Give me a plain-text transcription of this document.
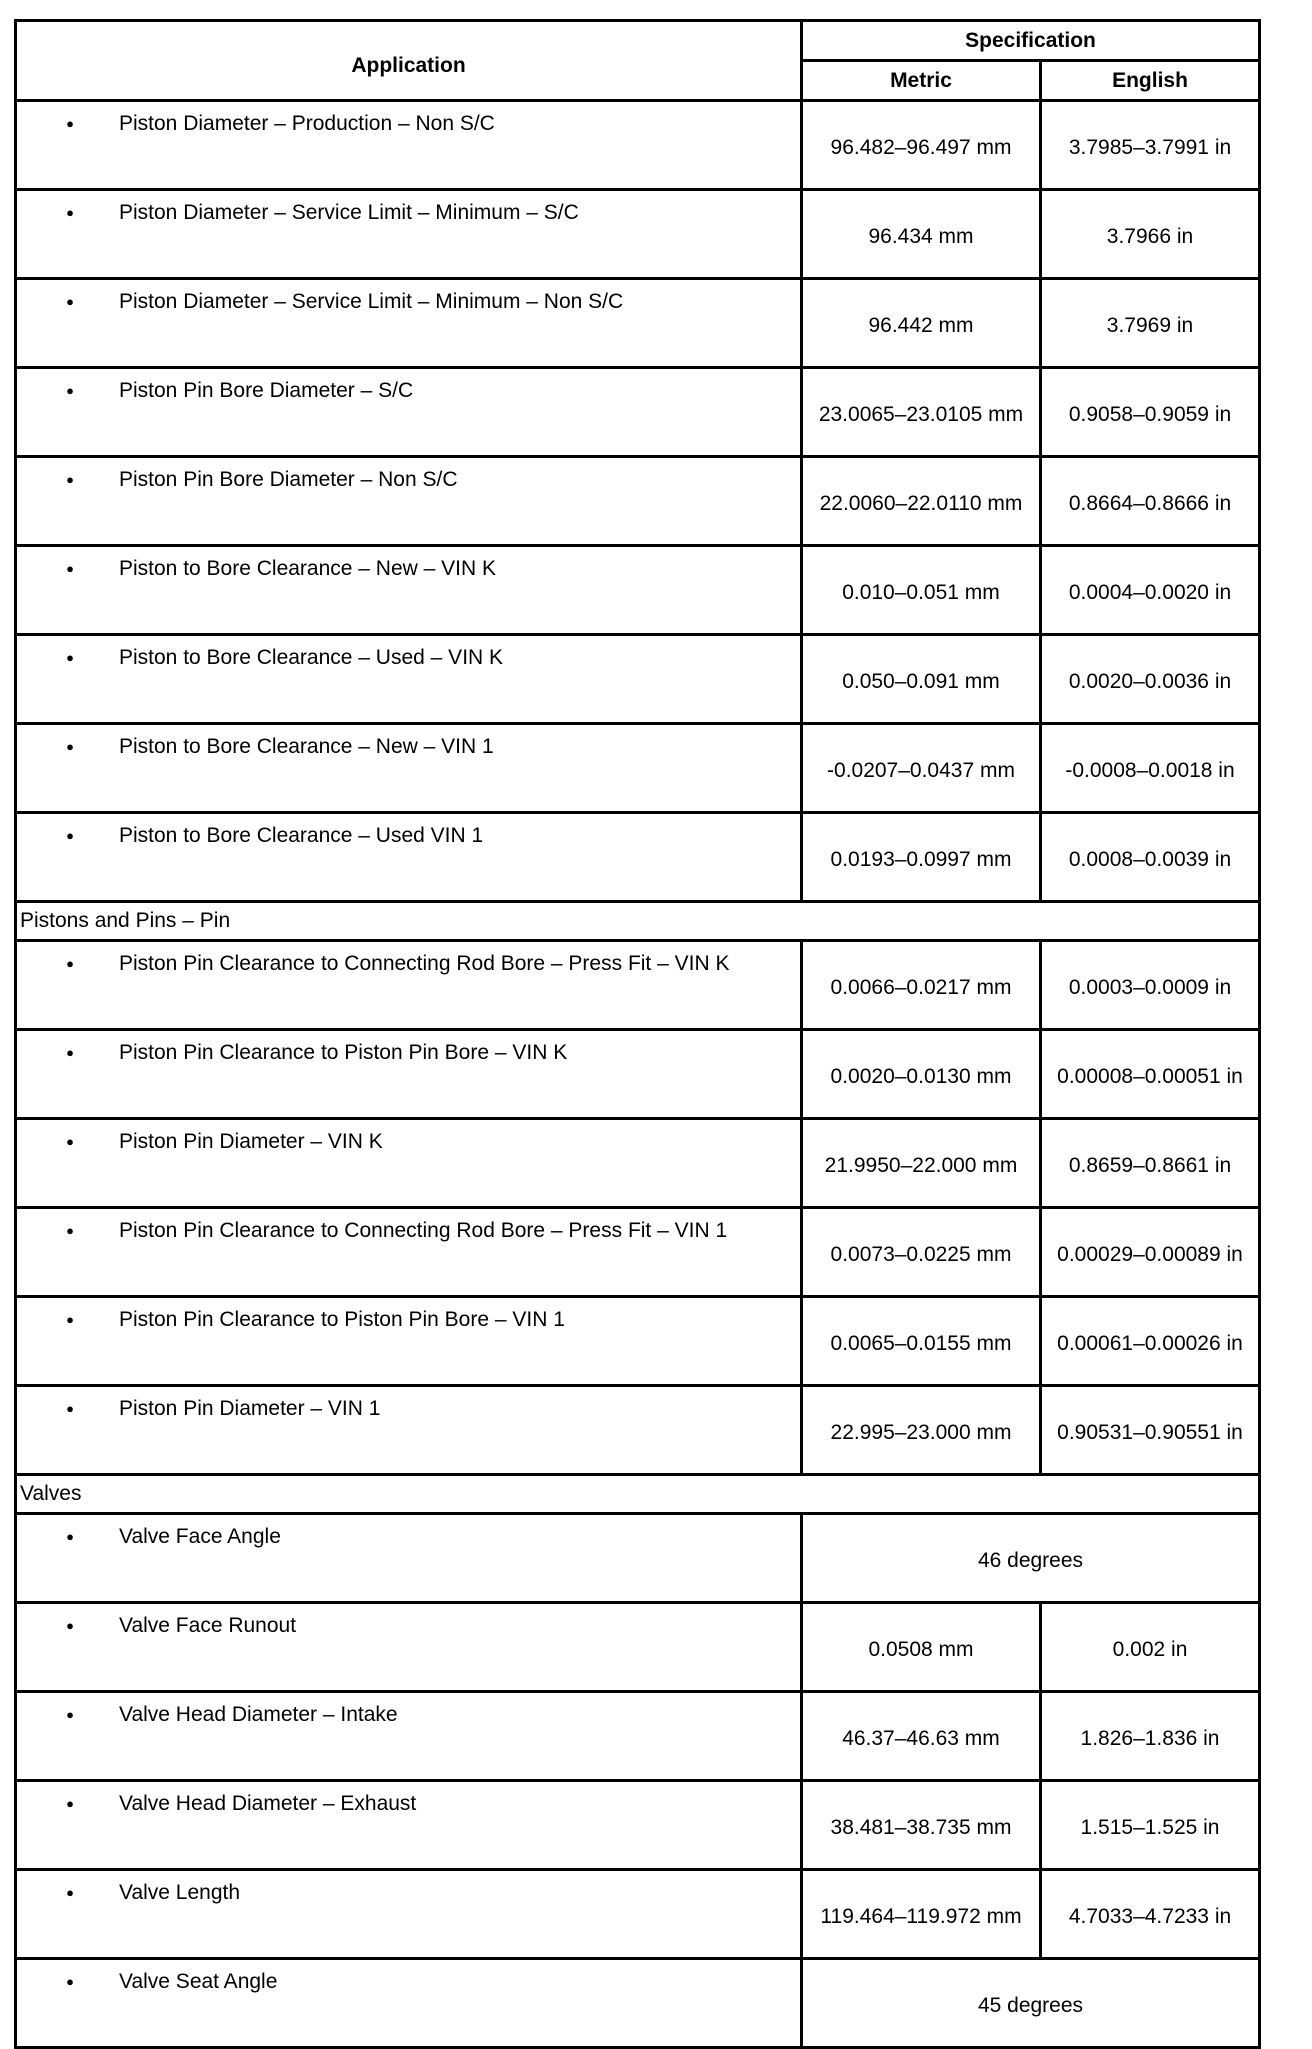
Application	Specification	
	Metric	English
● Piston Diameter – Production – Non S/C	96.482–96.497 mm	3.7985–3.7991 in
● Piston Diameter – Service Limit – Minimum – S/C	96.434 mm	3.7966 in
● Piston Diameter – Service Limit – Minimum – Non S/C	96.442 mm	3.7969 in
● Piston Pin Bore Diameter – S/C	23.0065–23.0105 mm	0.9058–0.9059 in
● Piston Pin Bore Diameter – Non S/C	22.0060–22.0110 mm	0.8664–0.8666 in
● Piston to Bore Clearance – New – VIN K	0.010–0.051 mm	0.0004–0.0020 in
● Piston to Bore Clearance – Used – VIN K	0.050–0.091 mm	0.0020–0.0036 in
● Piston to Bore Clearance – New – VIN 1	-0.0207–0.0437 mm	-0.0008–0.0018 in
● Piston to Bore Clearance – Used VIN 1	0.0193–0.0997 mm	0.0008–0.0039 in
Pistons and Pins – Pin		
● Piston Pin Clearance to Connecting Rod Bore – Press Fit – VIN K	0.0066–0.0217 mm	0.0003–0.0009 in
● Piston Pin Clearance to Piston Pin Bore – VIN K	0.0020–0.0130 mm	0.00008–0.00051 in
● Piston Pin Diameter – VIN K	21.9950–22.000 mm	0.8659–0.8661 in
● Piston Pin Clearance to Connecting Rod Bore – Press Fit – VIN 1	0.0073–0.0225 mm	0.00029–0.00089 in
● Piston Pin Clearance to Piston Pin Bore – VIN 1	0.0065–0.0155 mm	0.00061–0.00026 in
● Piston Pin Diameter – VIN 1	22.995–23.000 mm	0.90531–0.90551 in
Valves		
● Valve Face Angle	46 degrees	
● Valve Face Runout	0.0508 mm	0.002 in
● Valve Head Diameter – Intake	46.37–46.63 mm	1.826–1.836 in
● Valve Head Diameter – Exhaust	38.481–38.735 mm	1.515–1.525 in
● Valve Length	119.464–119.972 mm	4.7033–4.7233 in
● Valve Seat Angle	45 degrees	
